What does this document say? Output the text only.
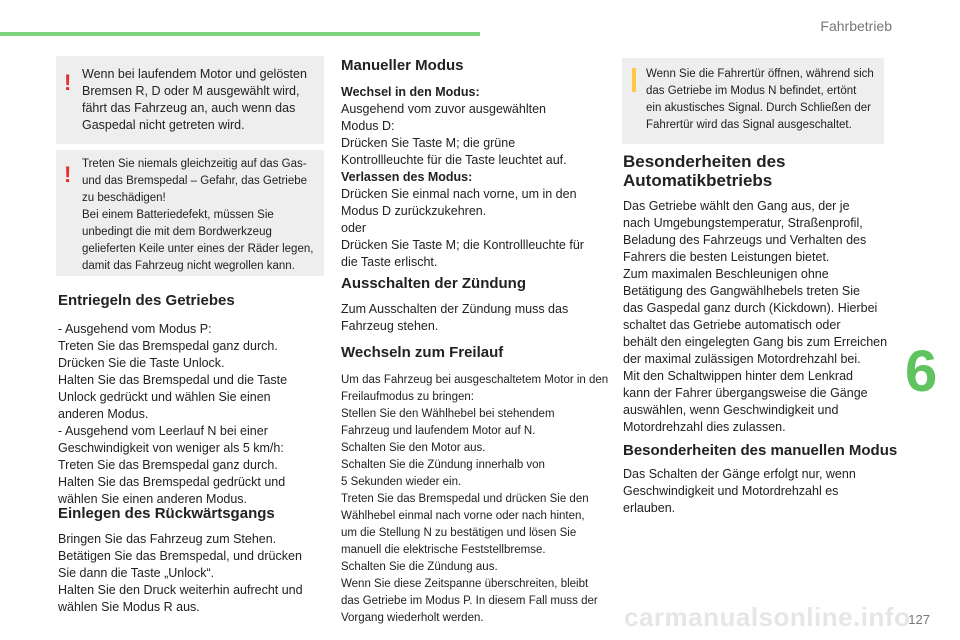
Fahrbetrieb
! Wenn bei laufendem Motor und gelösten
Bremsen R, D oder M ausgewählt wird,
fährt das Fahrzeug an, auch wenn das
Gaspedal nicht getreten wird.
! Treten Sie niemals gleichzeitig auf das Gas-
und das Bremspedal – Gefahr, das Getriebe
zu beschädigen!
Bei einem Batteriedefekt, müssen Sie
unbedingt die mit dem Bordwerkzeug
gelieferten Keile unter eines der Räder legen,
damit das Fahrzeug nicht wegrollen kann.
Entriegeln des Getriebes
- Ausgehend vom Modus P:
Treten Sie das Bremspedal ganz durch.
Drücken Sie die Taste Unlock.
Halten Sie das Bremspedal und die Taste
Unlock gedrückt und wählen Sie einen
anderen Modus.
- Ausgehend vom Leerlauf N bei einer
Geschwindigkeit von weniger als 5 km/h:
Treten Sie das Bremspedal ganz durch.
Halten Sie das Bremspedal gedrückt und
wählen Sie einen anderen Modus.
Einlegen des Rückwärtsgangs
Bringen Sie das Fahrzeug zum Stehen.
Betätigen Sie das Bremspedal, und drücken
Sie dann die Taste „Unlock“.
Halten Sie den Druck weiterhin aufrecht und
wählen Sie Modus R aus.
Manueller Modus
Wechsel in den Modus:
Ausgehend vom zuvor ausgewählten
Modus D:
Drücken Sie Taste M; die grüne
Kontrollleuchte für die Taste leuchtet auf.
Verlassen des Modus:
Drücken Sie einmal nach vorne, um in den
Modus D zurückzukehren.
oder
Drücken Sie Taste M; die Kontrollleuchte für
die Taste erlischt.
Ausschalten der Zündung
Zum Ausschalten der Zündung muss das
Fahrzeug stehen.
Wechseln zum Freilauf
Um das Fahrzeug bei ausgeschaltetem Motor in den
Freilaufmodus zu bringen:
Stellen Sie den Wählhebel bei stehendem
Fahrzeug und laufendem Motor auf N.
Schalten Sie den Motor aus.
Schalten Sie die Zündung innerhalb von
5 Sekunden wieder ein.
Treten Sie das Bremspedal und drücken Sie den
Wählhebel einmal nach vorne oder nach hinten,
um die Stellung N zu bestätigen und lösen Sie
manuell die elektrische Feststellbremse.
Schalten Sie die Zündung aus.
Wenn Sie diese Zeitspanne überschreiten, bleibt
das Getriebe im Modus P. In diesem Fall muss der
Vorgang wiederholt werden.
Wenn Sie die Fahrertür öffnen, während sich
das Getriebe im Modus N befindet, ertönt
ein akustisches Signal. Durch Schließen der
Fahrertür wird das Signal ausgeschaltet.
Besonderheiten des
Automatikbetriebs
Das Getriebe wählt den Gang aus, der je
nach Umgebungstemperatur, Straßenprofil,
Beladung des Fahrzeugs und Verhalten des
Fahrers die besten Leistungen bietet.
Zum maximalen Beschleunigen ohne
Betätigung des Gangwählhebels treten Sie
das Gaspedal ganz durch (Kickdown). Hierbei
schaltet das Getriebe automatisch oder
behält den eingelegten Gang bis zum Erreichen
der maximal zulässigen Motordrehzahl bei.
Mit den Schaltwippen hinter dem Lenkrad
kann der Fahrer übergangsweise die Gänge
auswählen, wenn Geschwindigkeit und
Motordrehzahl dies zulassen.
Besonderheiten des manuellen Modus
Das Schalten der Gänge erfolgt nur, wenn
Geschwindigkeit und Motordrehzahl es
erlauben.
6
carmanualsonline.info
127
